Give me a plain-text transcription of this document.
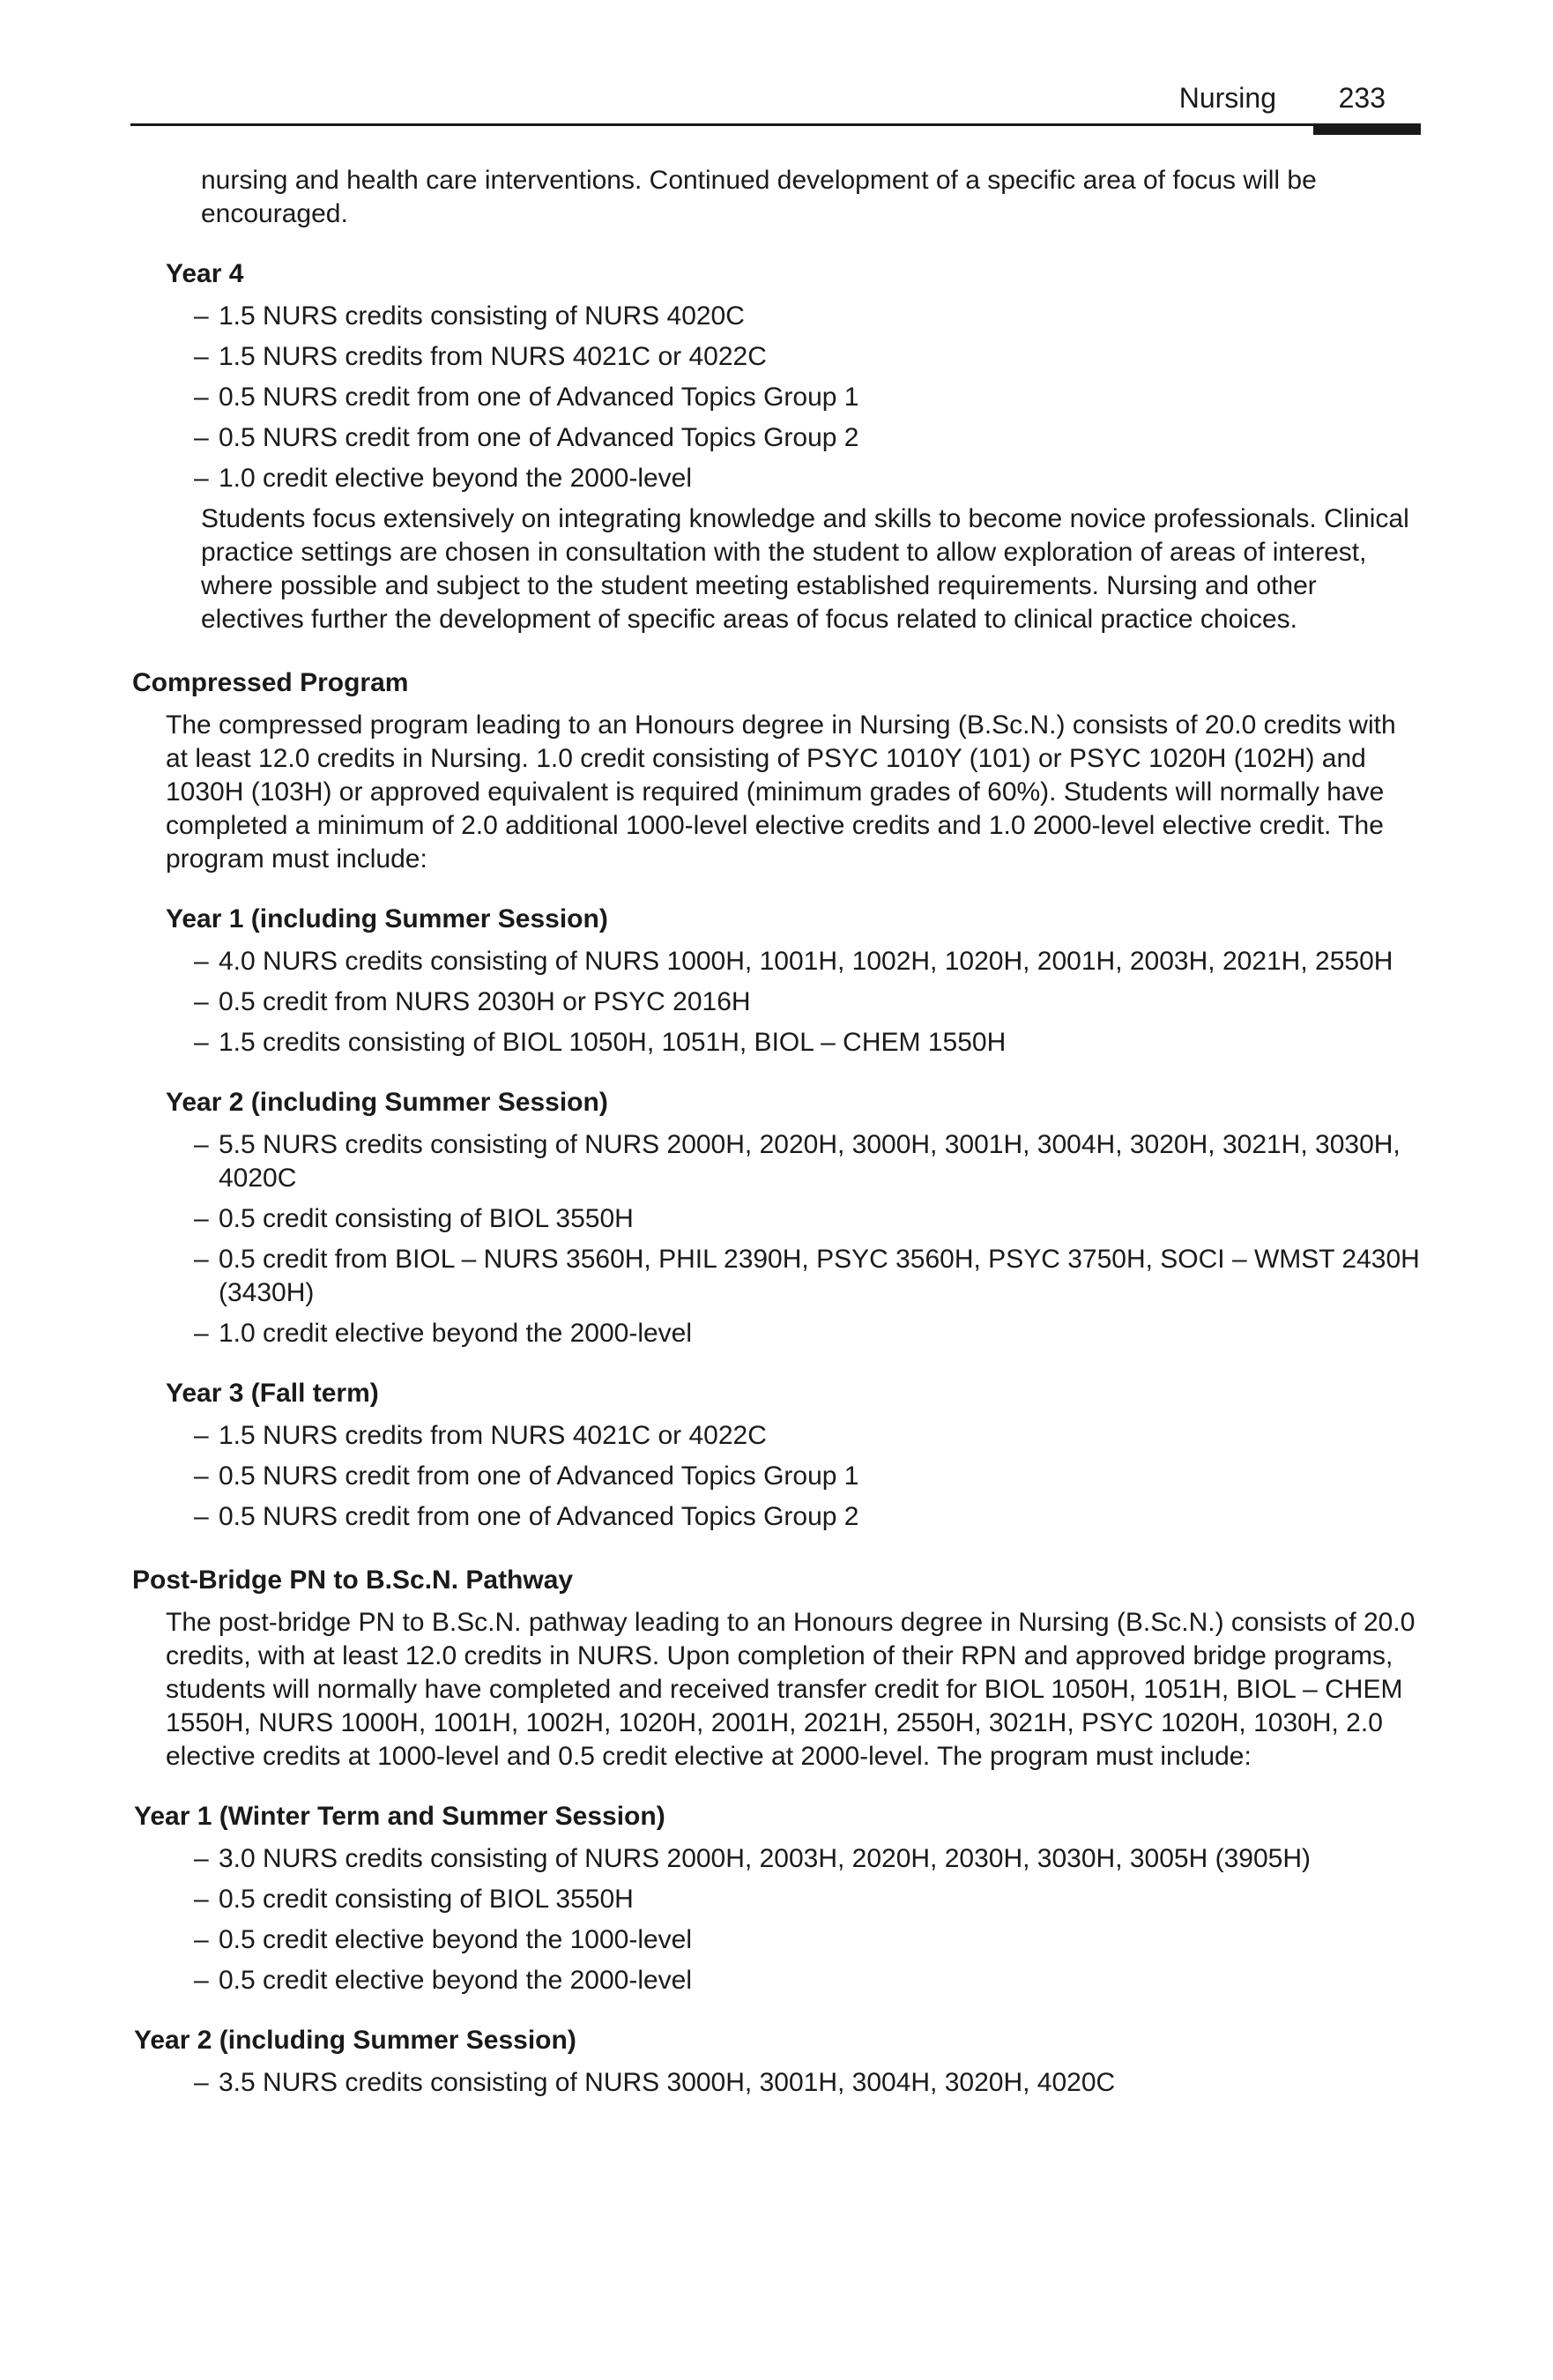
Nursing 233

nursing and health care interventions. Continued development of a specific area of focus will be encouraged.

Year 4

– 1.5 NURS credits consisting of NURS 4020C
– 1.5 NURS credits from NURS 4021C or 4022C
– 0.5 NURS credit from one of Advanced Topics Group 1
– 0.5 NURS credit from one of Advanced Topics Group 2
– 1.0 credit elective beyond the 2000-level

Students focus extensively on integrating knowledge and skills to become novice professionals. Clinical practice settings are chosen in consultation with the student to allow exploration of areas of interest, where possible and subject to the student meeting established requirements. Nursing and other electives further the development of specific areas of focus related to clinical practice choices.

Compressed Program

The compressed program leading to an Honours degree in Nursing (B.Sc.N.) consists of 20.0 credits with at least 12.0 credits in Nursing. 1.0 credit consisting of PSYC 1010Y (101) or PSYC 1020H (102H) and 1030H (103H) or approved equivalent is required (minimum grades of 60%). Students will normally have completed a minimum of 2.0 additional 1000-level elective credits and 1.0 2000-level elective credit. The program must include:

Year 1 (including Summer Session)

– 4.0 NURS credits consisting of NURS 1000H, 1001H, 1002H, 1020H, 2001H, 2003H, 2021H, 2550H
– 0.5 credit from NURS 2030H or PSYC 2016H
– 1.5 credits consisting of BIOL 1050H, 1051H, BIOL – CHEM 1550H

Year 2 (including Summer Session)

– 5.5 NURS credits consisting of NURS 2000H, 2020H, 3000H, 3001H, 3004H, 3020H, 3021H, 3030H, 4020C
– 0.5 credit consisting of BIOL 3550H
– 0.5 credit from BIOL – NURS 3560H, PHIL 2390H, PSYC 3560H, PSYC 3750H, SOCI – WMST 2430H (3430H)
– 1.0 credit elective beyond the 2000-level

Year 3 (Fall term)

– 1.5 NURS credits from NURS 4021C or 4022C
– 0.5 NURS credit from one of Advanced Topics Group 1
– 0.5 NURS credit from one of Advanced Topics Group 2

Post-Bridge PN to B.Sc.N. Pathway

The post-bridge PN to B.Sc.N. pathway leading to an Honours degree in Nursing (B.Sc.N.) consists of 20.0 credits, with at least 12.0 credits in NURS. Upon completion of their RPN and approved bridge programs, students will normally have completed and received transfer credit for BIOL 1050H, 1051H, BIOL – CHEM 1550H, NURS 1000H, 1001H, 1002H, 1020H, 2001H, 2021H, 2550H, 3021H, PSYC 1020H, 1030H, 2.0 elective credits at 1000-level and 0.5 credit elective at 2000-level. The program must include:

Year 1 (Winter Term and Summer Session)

– 3.0 NURS credits consisting of NURS 2000H, 2003H, 2020H, 2030H, 3030H, 3005H (3905H)
– 0.5 credit consisting of BIOL 3550H
– 0.5 credit elective beyond the 1000-level
– 0.5 credit elective beyond the 2000-level

Year 2 (including Summer Session)

– 3.5 NURS credits consisting of NURS 3000H, 3001H, 3004H, 3020H, 4020C
